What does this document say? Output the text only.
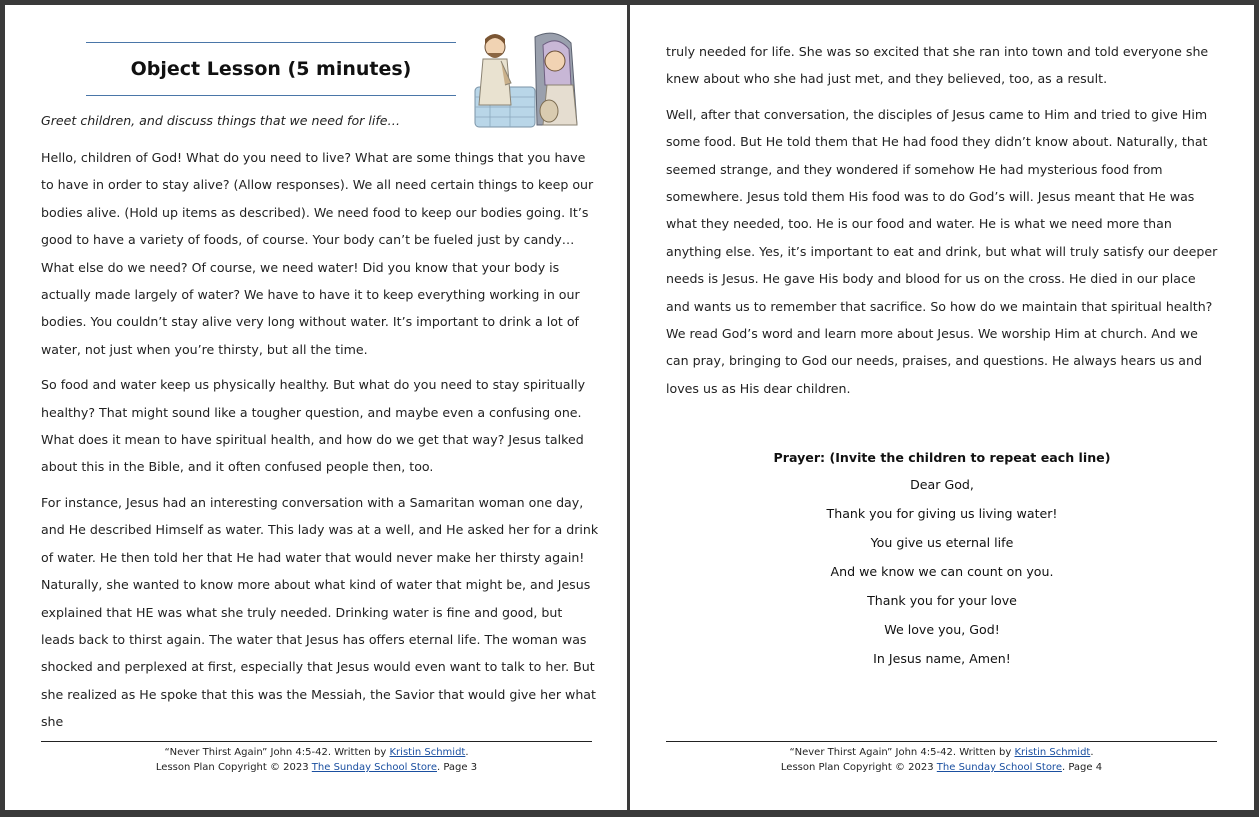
Object Lesson (5 minutes)
Greet children, and discuss things that we need for life…

Hello, children of God! What do you need to live? What are some things that you have to have in order to stay alive? (Allow responses). We all need certain things to keep our bodies alive. (Hold up items as described). We need food to keep our bodies going. It’s good to have a variety of foods, of course. Your body can’t be fueled just by candy… What else do we need? Of course, we need water! Did you know that your body is actually made largely of water? We have to have it to keep everything working in our bodies. You couldn’t stay alive very long without water. It’s important to drink a lot of water, not just when you’re thirsty, but all the time.

So food and water keep us physically healthy. But what do you need to stay spiritually healthy? That might sound like a tougher question, and maybe even a confusing one. What does it mean to have spiritual health, and how do we get that way? Jesus talked about this in the Bible, and it often confused people then, too.

For instance, Jesus had an interesting conversation with a Samaritan woman one day, and He described Himself as water. This lady was at a well, and He asked her for a drink of water. He then told her that He had water that would never make her thirsty again! Naturally, she wanted to know more about what kind of water that might be, and Jesus explained that HE was what she truly needed. Drinking water is fine and good, but leads back to thirst again. The water that Jesus has offers eternal life. The woman was shocked and perplexed at first, especially that Jesus would even want to talk to her. But she realized as He spoke that this was the Messiah, the Savior that would give her what she

“Never Thirst Again” John 4:5-42. Written by Kristin Schmidt.
Lesson Plan Copyright © 2023 The Sunday School Store. Page 3

truly needed for life. She was so excited that she ran into town and told everyone she knew about who she had just met, and they believed, too, as a result.

Well, after that conversation, the disciples of Jesus came to Him and tried to give Him some food. But He told them that He had food they didn’t know about. Naturally, that seemed strange, and they wondered if somehow He had mysterious food from somewhere. Jesus told them His food was to do God’s will. Jesus meant that He was what they needed, too. He is our food and water. He is what we need more than anything else. Yes, it’s important to eat and drink, but what will truly satisfy our deeper needs is Jesus. He gave His body and blood for us on the cross. He died in our place and wants us to remember that sacrifice. So how do we maintain that spiritual health? We read God’s word and learn more about Jesus. We worship Him at church. And we can pray, bringing to God our needs, praises, and questions. He always hears us and loves us as His dear children.

Prayer: (Invite the children to repeat each line)
Dear God,
Thank you for giving us living water!
You give us eternal life
And we know we can count on you.
Thank you for your love
We love you, God!
In Jesus name, Amen!
“Never Thirst Again” John 4:5-42. Written by Kristin Schmidt.
Lesson Plan Copyright © 2023 The Sunday School Store. Page 4
